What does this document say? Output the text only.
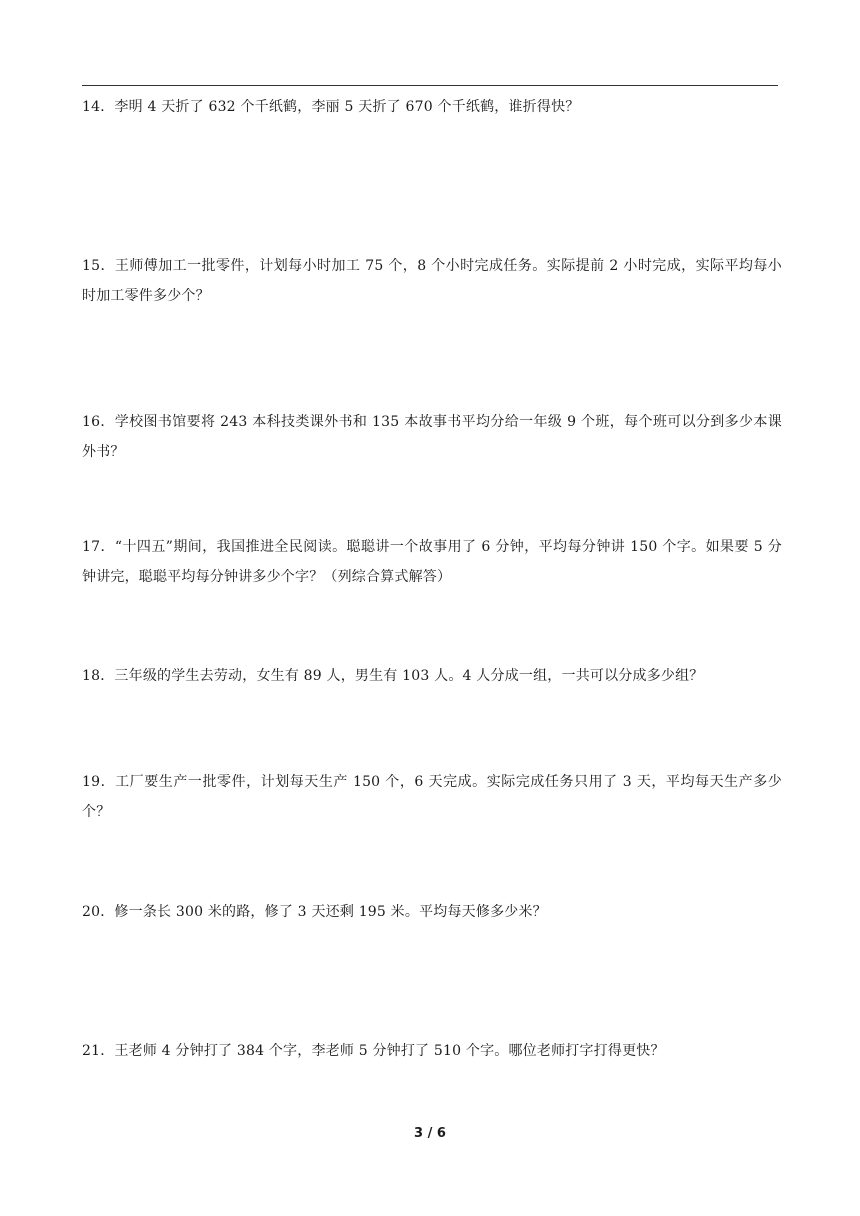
14．李明 4 天折了 632 个千纸鹤，李丽 5 天折了 670 个千纸鹤，谁折得快？

15．王师傅加工一批零件，计划每小时加工 75 个，8 个小时完成任务。实际提前 2 小时完成，实际平均每小时加工零件多少个？

16．学校图书馆要将 243 本科技类课外书和 135 本故事书平均分给一年级 9 个班，每个班可以分到多少本课外书？

17．“十四五”期间，我国推进全民阅读。聪聪讲一个故事用了 6 分钟，平均每分钟讲 150 个字。如果要 5 分钟讲完，聪聪平均每分钟讲多少个字？（列综合算式解答）

18．三年级的学生去劳动，女生有 89 人，男生有 103 人。4 人分成一组，一共可以分成多少组？

19．工厂要生产一批零件，计划每天生产 150 个，6 天完成。实际完成任务只用了 3 天，平均每天生产多少个？

20．修一条长 300 米的路，修了 3 天还剩 195 米。平均每天修多少米？

21．王老师 4 分钟打了 384 个字，李老师 5 分钟打了 510 个字。哪位老师打字打得更快？

3 / 6
